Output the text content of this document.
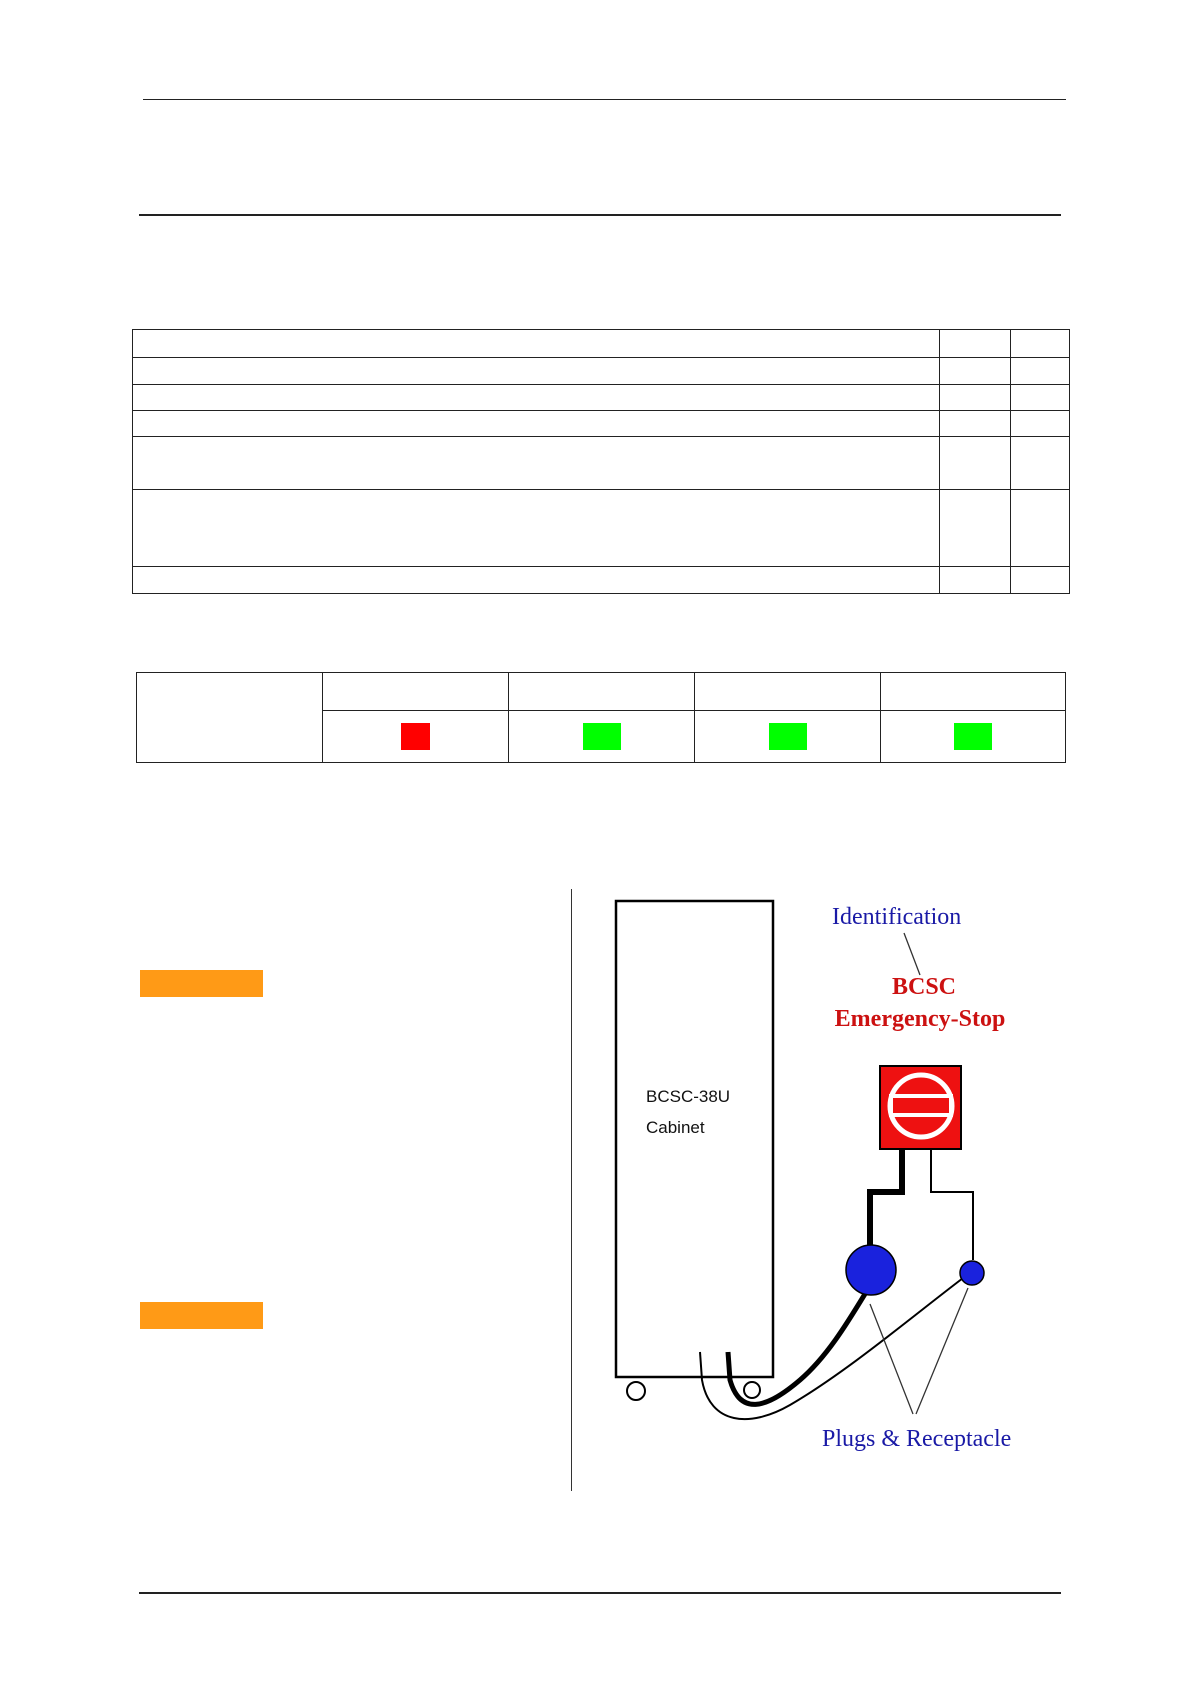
BCSC-38U
Cabinet
Identification
BCSC
Emergency-Stop
Plugs & Receptacle
